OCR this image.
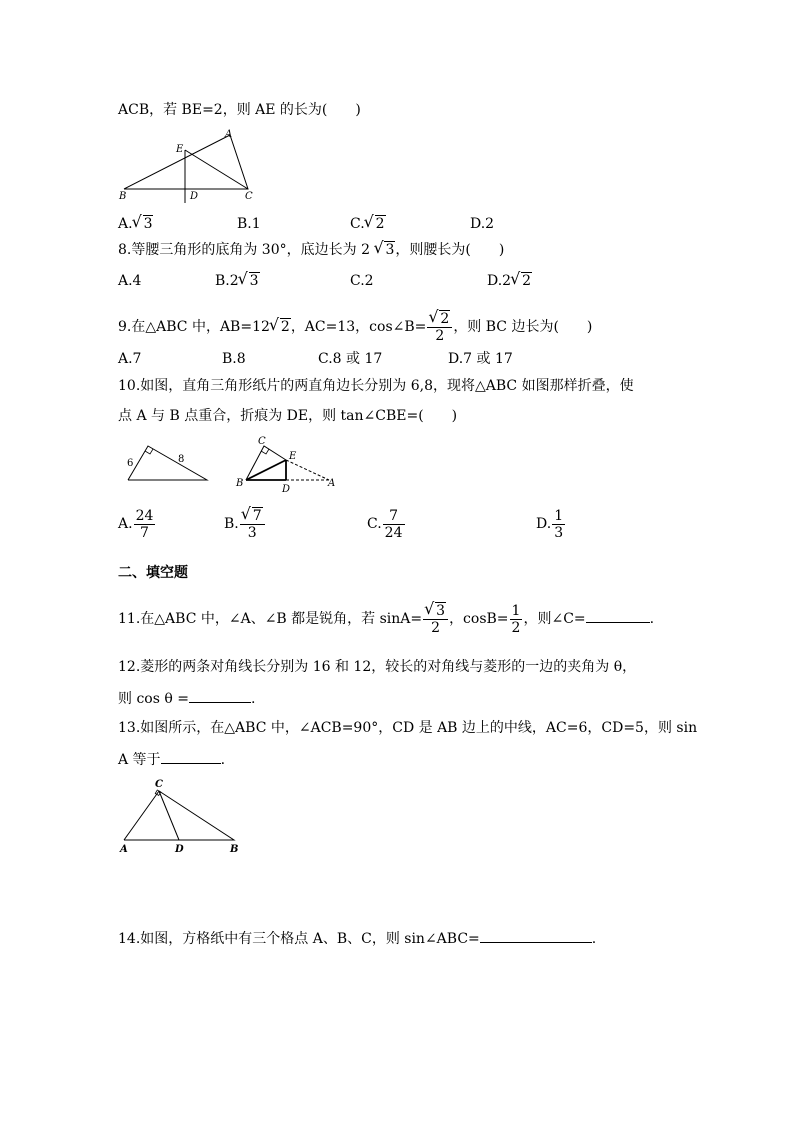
ACB，若 BE=2，则 AE 的长为(　　)
B	D	C
A
E
A. √ 3	B.1	C. √ 2	D.2
8.等腰三角形的底角为 30°，底边长为 2 √ 3，则腰长为(　　)
A.4	B.2 √ 3	C.2	D.2 √ 2
9.在△ABC 中，AB=12 √ 2，AC=13，cos∠B= √ $\frac{2}{2}$ ，则 BC 边长为(　　)
A.7	B.8	C.8 或 17	D.7 或 17
10.如图，直角三角形纸片的两直角边长分别为 6,8，现将△ABC 如图那样折叠，使
点 A 与 B 点重合，折痕为 DE，则 tan∠CBE=(　　)
6	8
C
E
B
D
A
A. $\frac{24}{7}$	B. √ $\frac{7}{3}$	C. $\frac{7}{24}$	D. $\frac{1}{3}$
二、填空题
11.在△ABC 中，∠A、∠B 都是锐角，若 sinA= √ $\frac{3}{2}$ ，$\cos B= \frac{1}{2}$ ，则∠C=	.
12.菱形的两条对角线长分别为 16 和 12，较长的对角线与菱形的一边的夹角为 θ，
则 cos θ =	.
13.如图所示，在△ABC 中，∠ACB=90°，CD 是 AB 边上的中线，AC=6，CD=5，则 sin
A 等于	.
C
A	D	B
14.如图，方格纸中有三个格点 A、B、C，则 sin∠ABC=	.
